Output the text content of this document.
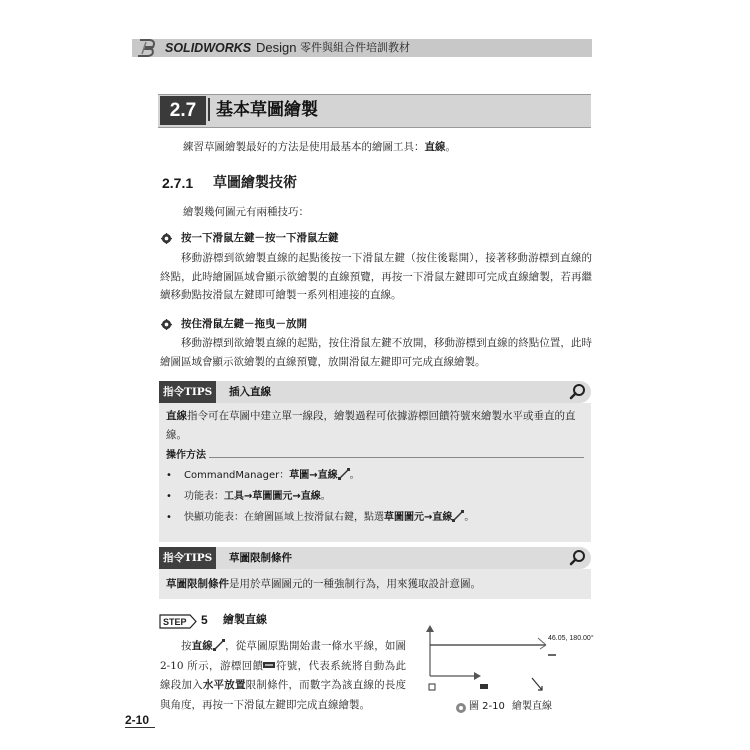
SOLIDWORKS Design 零件與組合件培訓教材
2.7	基本草圖繪製
練習草圖繪製最好的方法是使用最基本的繪圖工具：直線。
2.7.1 草圖繪製技術
繪製幾何圖元有兩種技巧：
按一下滑鼠左鍵－按一下滑鼠左鍵
移動游標到欲繪製直線的起點後按一下滑鼠左鍵（按住後鬆開），接著移動游標到直線的終點，此時繪圖區域會顯示欲繪製的直線預覽，再按一下滑鼠左鍵即可完成直線繪製，若再繼續移動點按滑鼠左鍵即可繪製一系列相連接的直線。
按住滑鼠左鍵－拖曳－放開
移動游標到欲繪製直線的起點，按住滑鼠左鍵不放開，移動游標到直線的終點位置，此時繪圖區域會顯示欲繪製的直線預覽，放開滑鼠左鍵即可完成直線繪製。
指令TIPS	插入直線
直線指令可在草圖中建立單一線段，繪製過程可依據游標回饋符號來繪製水平或垂直的直線。
操作方法
• CommandManager：草圖→直線 。
• 功能表：工具→草圖圖元→直線。
• 快顯功能表：在繪圖區域上按滑鼠右鍵，點選草圖圖元→直線 。
指令TIPS	草圖限制條件
草圖限制條件是用於草圖圖元的一種強制行為，用來獲取設計意圖。
STEP 5 繪製直線
按直線 ，從草圖原點開始畫一條水平線，如圖 2-10 所示，游標回饋 符號，代表系統將自動為此線段加入水平放置限制條件，而數字為該直線的長度與角度，再按一下滑鼠左鍵即完成直線繪製。
46.05, 180.00°
圖 2-10 繪製直線
2-10
